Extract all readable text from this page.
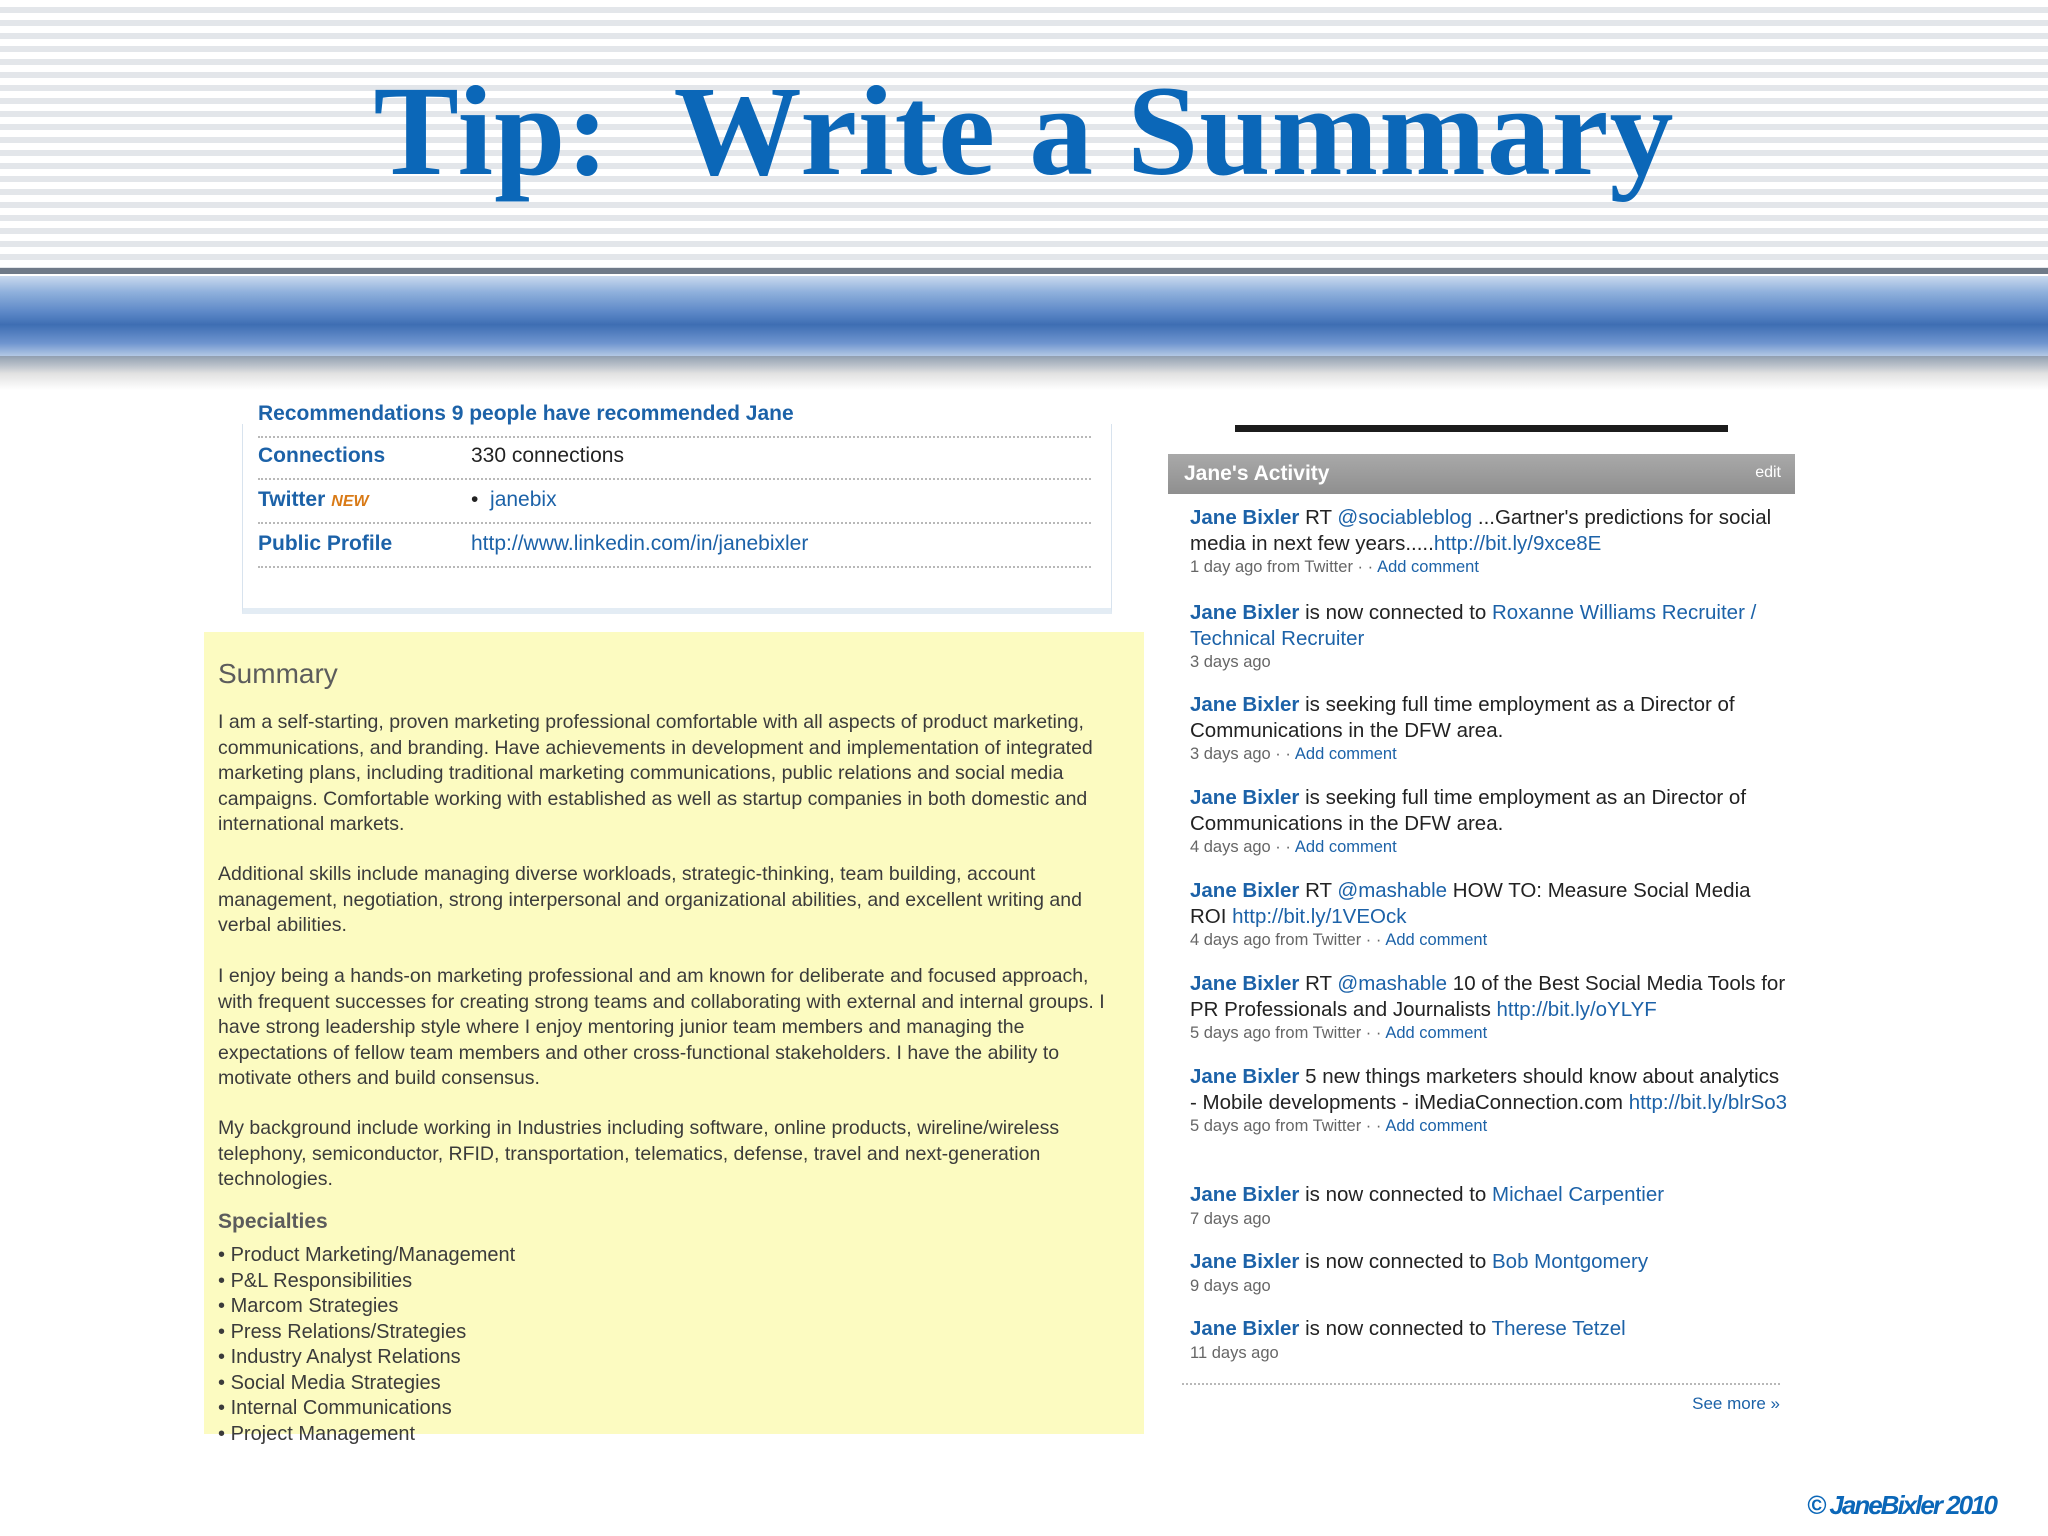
Tip:  Write a Summary
Recommendations 9 people have recommended Jane
Connections	330 connections
Twitter NEW	• janebix
Public Profile	http://www.linkedin.com/in/janebixler
Summary
I am a self-starting, proven marketing professional comfortable with all aspects of product marketing, communications, and branding. Have achievements in development and implementation of integrated marketing plans, including traditional marketing communications, public relations and social media campaigns. Comfortable working with established as well as startup companies in both domestic and international markets.
Additional skills include managing diverse workloads, strategic-thinking, team building, account management, negotiation, strong interpersonal and organizational abilities, and excellent writing and verbal abilities.
I enjoy being a hands-on marketing professional and am known for deliberate and focused approach, with frequent successes for creating strong teams and collaborating with external and internal groups. I have strong leadership style where I enjoy mentoring junior team members and managing the expectations of fellow team members and other cross-functional stakeholders. I have the ability to motivate others and build consensus.
My background include working in Industries including software, online products, wireline/wireless telephony, semiconductor, RFID, transportation, telematics, defense, travel and next-generation technologies.
Specialties
• Product Marketing/Management
• P&L Responsibilities
• Marcom Strategies
• Press Relations/Strategies
• Industry Analyst Relations
• Social Media Strategies
• Internal Communications
• Project Management
Jane's Activity	edit
Jane Bixler RT @sociableblog ...Gartner's predictions for social media in next few years.....http://bit.ly/9xce8E
1 day ago from Twitter · · Add comment
Jane Bixler is now connected to Roxanne Williams Recruiter / Technical Recruiter
3 days ago
Jane Bixler is seeking full time employment as a Director of Communications in the DFW area.
3 days ago · · Add comment
Jane Bixler is seeking full time employment as an Director of Communications in the DFW area.
4 days ago · · Add comment
Jane Bixler RT @mashable HOW TO: Measure Social Media ROI http://bit.ly/1VEOck
4 days ago from Twitter · · Add comment
Jane Bixler RT @mashable 10 of the Best Social Media Tools for PR Professionals and Journalists http://bit.ly/oYLYF
5 days ago from Twitter · · Add comment
Jane Bixler 5 new things marketers should know about analytics - Mobile developments - iMediaConnection.com http://bit.ly/blrSo3
5 days ago from Twitter · · Add comment
Jane Bixler is now connected to Michael Carpentier
7 days ago
Jane Bixler is now connected to Bob Montgomery
9 days ago
Jane Bixler is now connected to Therese Tetzel
11 days ago
See more »
© JaneBixler 2010
